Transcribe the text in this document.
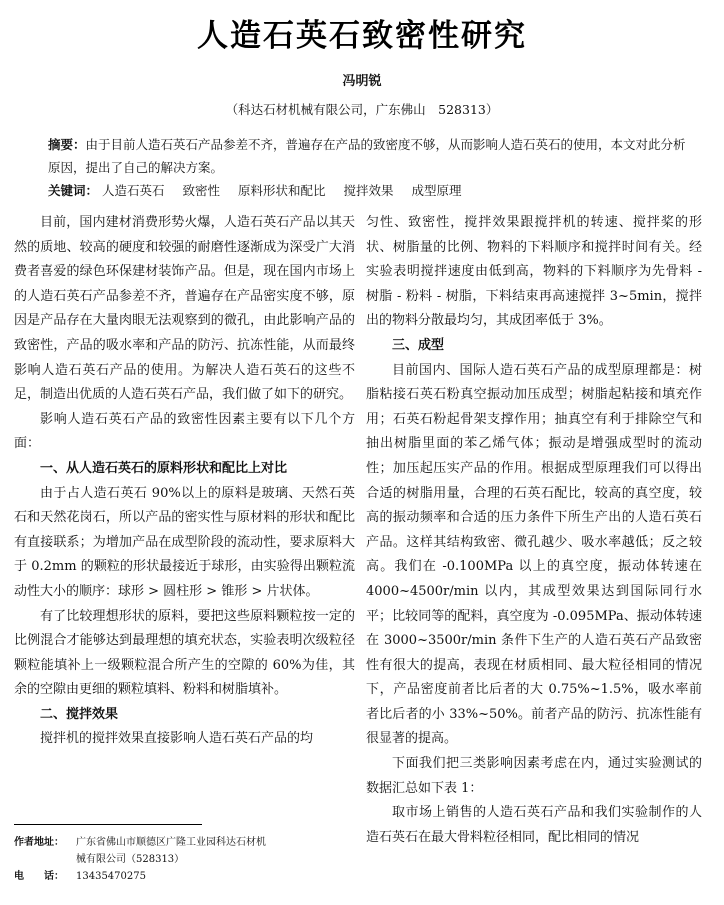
人造石英石致密性研究
冯明锐
（科达石材机械有限公司，广东佛山　528313）
摘要：由于目前人造石英石产品参差不齐，普遍存在产品的致密度不够，从而影响人造石英石的使用，本文对此分析原因，提出了自己的解决方案。
关键词： 人造石英石 致密性 原料形状和配比 搅拌效果 成型原理

目前，国内建材消费形势火爆，人造石英石产品以其天然的质地、较高的硬度和较强的耐磨性逐渐成为深受广大消费者喜爱的绿色环保建材装饰产品。但是，现在国内市场上的人造石英石产品参差不齐，普遍存在产品密实度不够，原因是产品存在大量肉眼无法观察到的微孔，由此影响产品的致密性，产品的吸水率和产品的防污、抗冻性能，从而最终影响人造石英石产品的使用。为解决人造石英石的这些不足，制造出优质的人造石英石产品，我们做了如下的研究。

影响人造石英石产品的致密性因素主要有以下几个方面：

一、从人造石英石的原料形状和配比上对比

由于占人造石英石 90%以上的原料是玻璃、天然石英石和天然花岗石，所以产品的密实性与原材料的形状和配比有直接联系；为增加产品在成型阶段的流动性，要求原料大于 0.2mm 的颗粒的形状最接近于球形，由实验得出颗粒流动性大小的顺序：球形 > 圆柱形 > 锥形 > 片状体。

有了比较理想形状的原料，要把这些原料颗粒按一定的比例混合才能够达到最理想的填充状态，实验表明次级粒径颗粒能填补上一级颗粒混合所产生的空隙的 60%为佳，其余的空隙由更细的颗粒填料、粉料和树脂填补。

二、搅拌效果

搅拌机的搅拌效果直接影响人造石英石产品的均

匀性、致密性，搅拌效果跟搅拌机的转速、搅拌桨的形状、树脂量的比例、物料的下料顺序和搅拌时间有关。经实验表明搅拌速度由低到高，物料的下料顺序为先骨料 - 树脂 - 粉料 - 树脂，下料结束再高速搅拌 3~5min，搅拌出的物料分散最均匀，其成团率低于 3%。

三、成型

目前国内、国际人造石英石产品的成型原理都是：树脂粘接石英石粉真空振动加压成型；树脂起粘接和填充作用；石英石粉起骨架支撑作用；抽真空有利于排除空气和抽出树脂里面的苯乙烯气体；振动是增强成型时的流动性；加压起压实产品的作用。根据成型原理我们可以得出合适的树脂用量，合理的石英石配比，较高的真空度，较高的振动频率和合适的压力条件下所生产出的人造石英石产品。这样其结构致密、微孔越少、吸水率越低；反之较高。我们在 -0.100MPa 以上的真空度，振动体转速在 4000~4500r/min 以内，其成型效果达到国际同行水平；比较同等的配料，真空度为 -0.095MPa、振动体转速在 3000~3500r/min 条件下生产的人造石英石产品致密性有很大的提高，表现在材质相同、最大粒径相同的情况下，产品密度前者比后者的大 0.75%~1.5%，吸水率前者比后者的小 33%~50%。前者产品的防污、抗冻性能有很显著的提高。

下面我们把三类影响因素考虑在内，通过实验测试的数据汇总如下表 1：

取市场上销售的人造石英石产品和我们实验制作的人造石英石在最大骨料粒径相同，配比相同的情况

作者地址：	广东省佛山市顺德区广隆工业园科达石材机
械有限公司（528313）
电　　话：	13435470275
